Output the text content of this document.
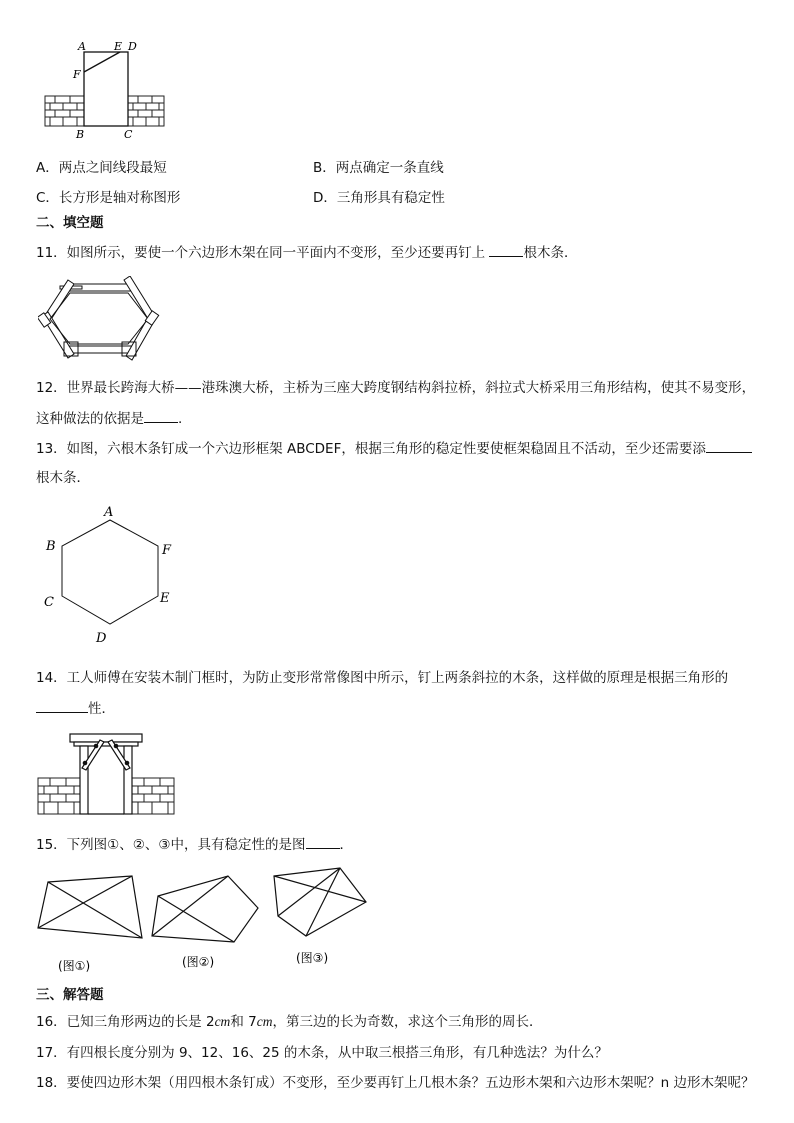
A	E D
F
B	C
A．两点之间线段最短	B．两点确定一条直线
C．长方形是轴对称图形	D．三角形具有稳定性
二、填空题
11．如图所示，要使一个六边形木架在同一平面内不变形，至少还要再钉上	根木条．
12．世界最长跨海大桥——港珠澳大桥，主桥为三座大跨度钢结构斜拉桥，斜拉式大桥采用三角形结构，使其不易变形，
这种做法的依据是	.
13．如图，六根木条钉成一个六边形框架 ABCDEF，根据三角形的稳定性要使框架稳固且不活动，至少还需要添
根木条．
A
B	F
C	E
D
14．工人师傅在安装木制门框时，为防止变形常常像图中所示，钉上两条斜拉的木条，这样做的原理是根据三角形的
性．
15．下列图①、②、③中，具有稳定性的是图	．
(图①)	(图②)	(图③)
三、解答题
16．已知三角形两边的长是 2cm和 7cm，第三边的长为奇数，求这个三角形的周长．
17．有四根长度分别为 9、12、16、25 的木条，从中取三根搭三角形，有几种选法？为什么？
18．要使四边形木架（用四根木条钉成）不变形，至少要再钉上几根木条？五边形木架和六边形木架呢？n 边形木架呢？
